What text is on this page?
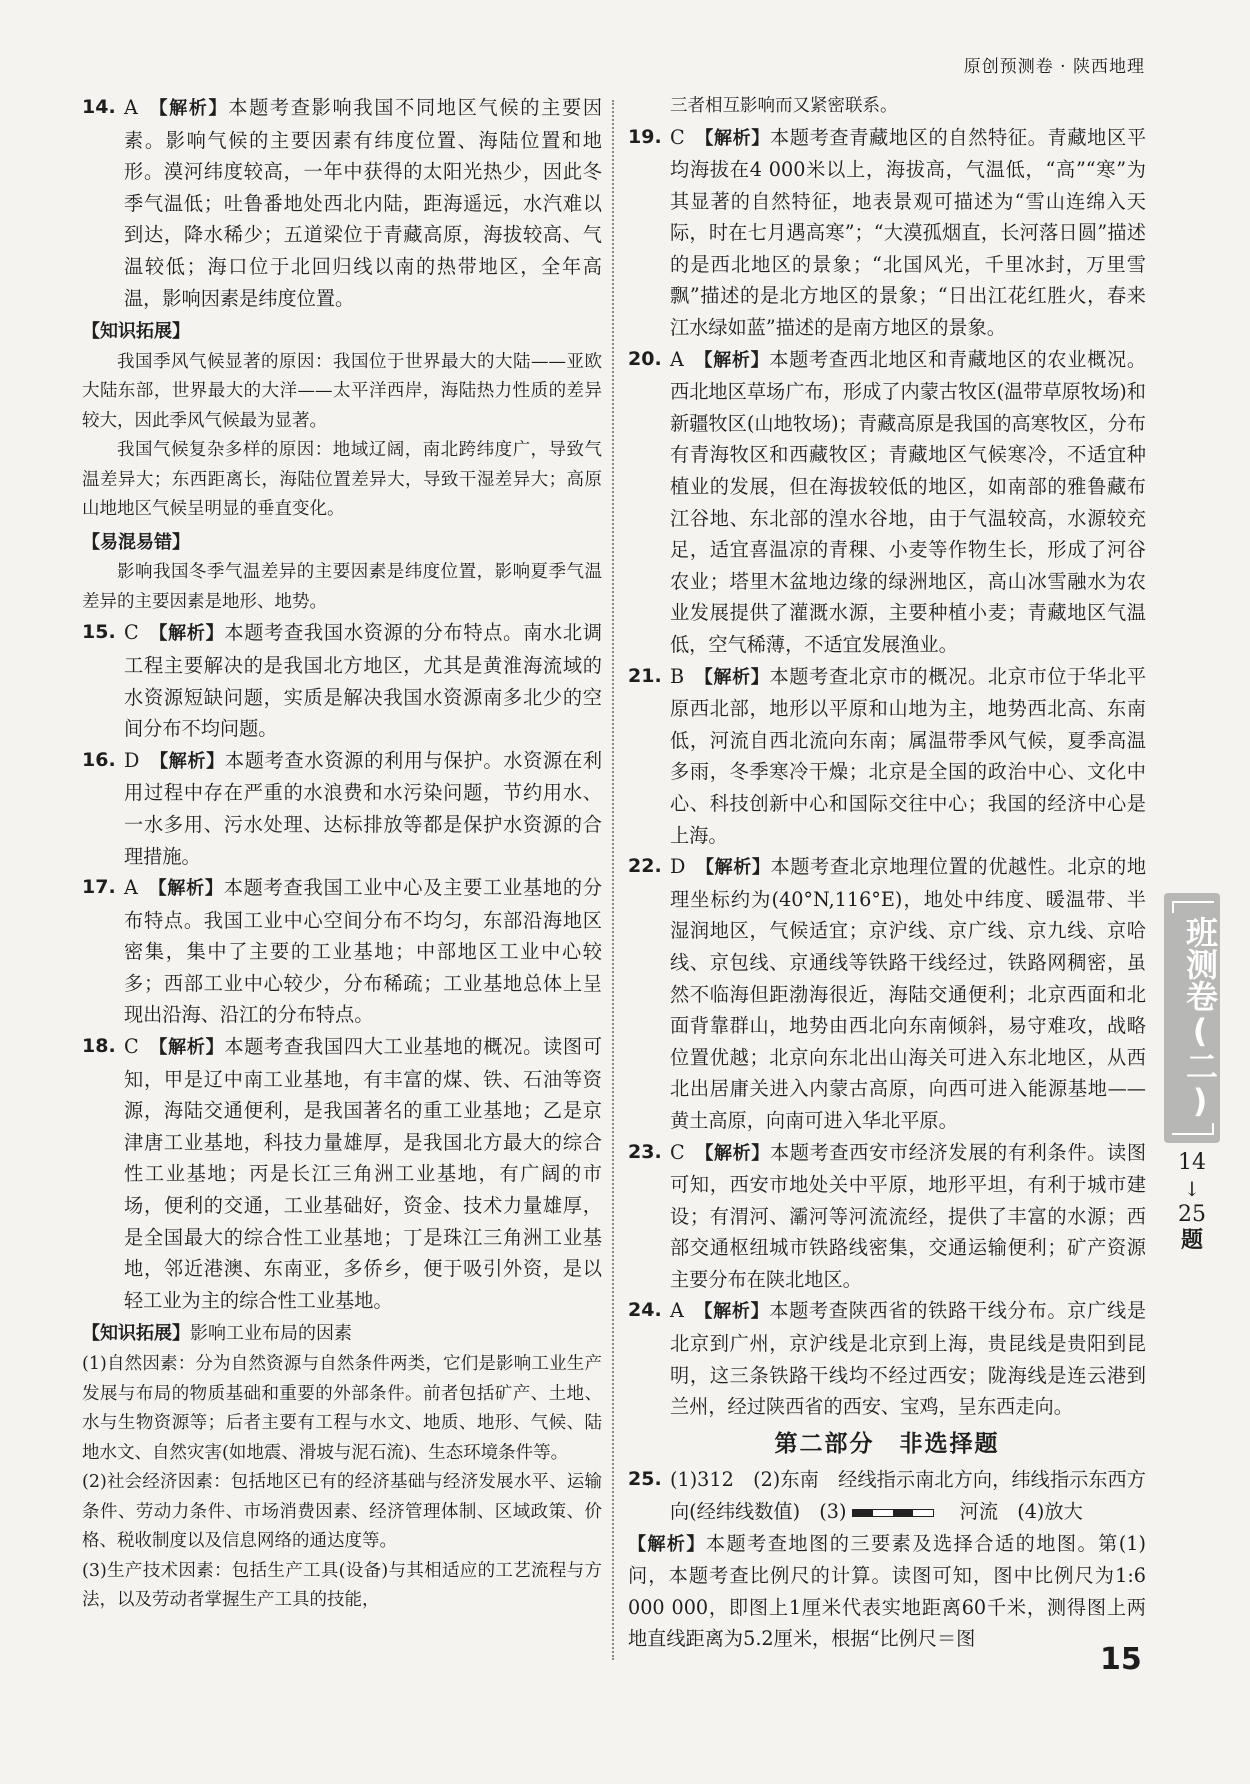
原创预测卷 · 陕西地理
14. A 【解析】本题考查影响我国不同地区气候的主要因素。影响气候的主要因素有纬度位置、海陆位置和地形。漠河纬度较高，一年中获得的太阳光热少，因此冬季气温低；吐鲁番地处西北内陆，距海遥远，水汽难以到达，降水稀少；五道梁位于青藏高原，海拔较高、气温较低；海口位于北回归线以南的热带地区，全年高温，影响因素是纬度位置。
【知识拓展】
我国季风气候显著的原因：我国位于世界最大的大陆——亚欧大陆东部，世界最大的大洋——太平洋西岸，海陆热力性质的差异较大，因此季风气候最为显著。
我国气候复杂多样的原因：地域辽阔，南北跨纬度广，导致气温差异大；东西距离长，海陆位置差异大，导致干湿差异大；高原山地地区气候呈明显的垂直变化。
【易混易错】
影响我国冬季气温差异的主要因素是纬度位置，影响夏季气温差异的主要因素是地形、地势。
15. C 【解析】本题考查我国水资源的分布特点。南水北调工程主要解决的是我国北方地区，尤其是黄淮海流域的水资源短缺问题，实质是解决我国水资源南多北少的空间分布不均问题。
16. D 【解析】本题考查水资源的利用与保护。水资源在利用过程中存在严重的水浪费和水污染问题，节约用水、一水多用、污水处理、达标排放等都是保护水资源的合理措施。
17. A 【解析】本题考查我国工业中心及主要工业基地的分布特点。我国工业中心空间分布不均匀，东部沿海地区密集，集中了主要的工业基地；中部地区工业中心较多；西部工业中心较少，分布稀疏；工业基地总体上呈现出沿海、沿江的分布特点。
18. C 【解析】本题考查我国四大工业基地的概况。读图可知，甲是辽中南工业基地，有丰富的煤、铁、石油等资源，海陆交通便利，是我国著名的重工业基地；乙是京津唐工业基地，科技力量雄厚，是我国北方最大的综合性工业基地；丙是长江三角洲工业基地，有广阔的市场，便利的交通，工业基础好，资金、技术力量雄厚，是全国最大的综合性工业基地；丁是珠江三角洲工业基地，邻近港澳、东南亚，多侨乡，便于吸引外资，是以轻工业为主的综合性工业基地。
【知识拓展】影响工业布局的因素
(1)自然因素：分为自然资源与自然条件两类，它们是影响工业生产发展与布局的物质基础和重要的外部条件。前者包括矿产、土地、水与生物资源等；后者主要有工程与水文、地质、地形、气候、陆地水文、自然灾害(如地震、滑坡与泥石流)、生态环境条件等。
(2)社会经济因素：包括地区已有的经济基础与经济发展水平、运输条件、劳动力条件、市场消费因素、经济管理体制、区域政策、价格、税收制度以及信息网络的通达度等。
(3)生产技术因素：包括生产工具(设备)与其相适应的工艺流程与方法，以及劳动者掌握生产工具的技能，
三者相互影响而又紧密联系。
19. C 【解析】本题考查青藏地区的自然特征。青藏地区平均海拔在4 000米以上，海拔高，气温低，“高”“寒”为其显著的自然特征，地表景观可描述为“雪山连绵入天际，时在七月遇高寒”；“大漠孤烟直，长河落日圆”描述的是西北地区的景象；“北国风光，千里冰封，万里雪飘”描述的是北方地区的景象；“日出江花红胜火，春来江水绿如蓝”描述的是南方地区的景象。
20. A 【解析】本题考查西北地区和青藏地区的农业概况。西北地区草场广布，形成了内蒙古牧区(温带草原牧场)和新疆牧区(山地牧场)；青藏高原是我国的高寒牧区，分布有青海牧区和西藏牧区；青藏地区气候寒冷，不适宜种植业的发展，但在海拔较低的地区，如南部的雅鲁藏布江谷地、东北部的湟水谷地，由于气温较高，水源较充足，适宜喜温凉的青稞、小麦等作物生长，形成了河谷农业；塔里木盆地边缘的绿洲地区，高山冰雪融水为农业发展提供了灌溉水源，主要种植小麦；青藏地区气温低，空气稀薄，不适宜发展渔业。
21. B 【解析】本题考查北京市的概况。北京市位于华北平原西北部，地形以平原和山地为主，地势西北高、东南低，河流自西北流向东南；属温带季风气候，夏季高温多雨，冬季寒冷干燥；北京是全国的政治中心、文化中心、科技创新中心和国际交往中心；我国的经济中心是上海。
22. D 【解析】本题考查北京地理位置的优越性。北京的地理坐标约为(40°N,116°E)，地处中纬度、暖温带、半湿润地区，气候适宜；京沪线、京广线、京九线、京哈线、京包线、京通线等铁路干线经过，铁路网稠密，虽然不临海但距渤海很近，海陆交通便利；北京西面和北面背靠群山，地势由西北向东南倾斜，易守难攻，战略位置优越；北京向东北出山海关可进入东北地区，从西北出居庸关进入内蒙古高原，向西可进入能源基地——黄土高原，向南可进入华北平原。
23. C 【解析】本题考查西安市经济发展的有利条件。读图可知，西安市地处关中平原，地形平坦，有利于城市建设；有渭河、灞河等河流流经，提供了丰富的水源；西部交通枢纽城市铁路线密集，交通运输便利；矿产资源主要分布在陕北地区。
24. A 【解析】本题考查陕西省的铁路干线分布。京广线是北京到广州，京沪线是北京到上海，贵昆线是贵阳到昆明，这三条铁路干线均不经过西安；陇海线是连云港到兰州，经过陕西省的西安、宝鸡，呈东西走向。
第二部分　非选择题
25. (1)312　(2)东南　经线指示南北方向，纬线指示东西方向(经纬线数值)　(3)	　河流　(4)放大
【解析】本题考查地图的三要素及选择合适的地图。第(1)问，本题考查比例尺的计算。读图可知，图中比例尺为1:6 000 000，即图上1厘米代表实地距离60千米，测得图上两地直线距离为5.2厘米，根据“比例尺＝图
班测卷(二)
14
↓
25
题
15
